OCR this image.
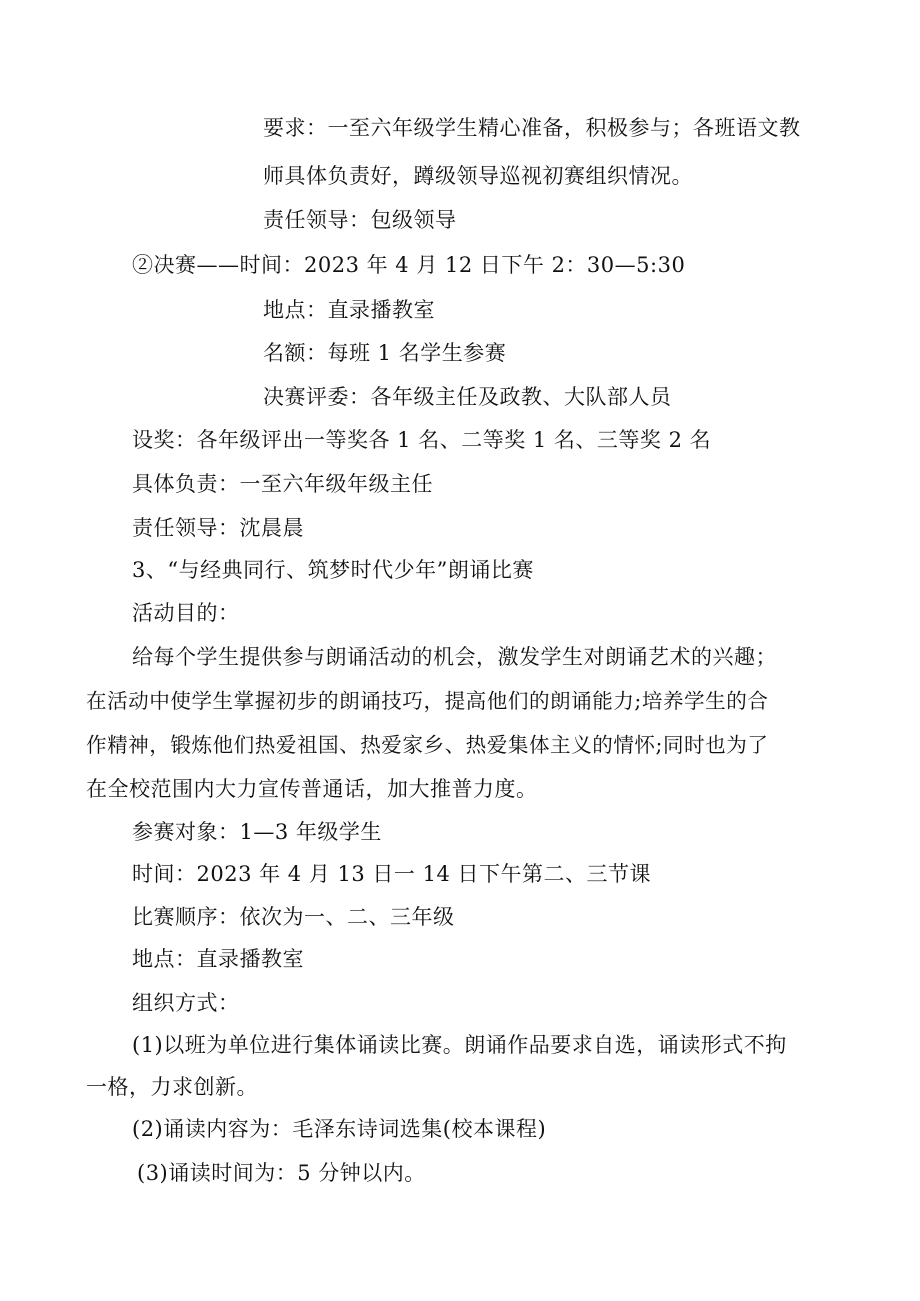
要求：一至六年级学生精心准备，积极参与；各班语文教
师具体负责好，蹲级领导巡视初赛组织情况。
责任领导：包级领导
②决赛——时间：2023 年 4 月 12 日下午 2：30—5:30
地点：直录播教室
名额：每班 1 名学生参赛
决赛评委：各年级主任及政教、大队部人员
设奖：各年级评出一等奖各 1 名、二等奖 1 名、三等奖 2 名
具体负责：一至六年级年级主任
责任领导：沈晨晨
3、“与经典同行、筑梦时代少年”朗诵比赛
活动目的：
给每个学生提供参与朗诵活动的机会，激发学生对朗诵艺术的兴趣；
在活动中使学生掌握初步的朗诵技巧，提高他们的朗诵能力;培养学生的合
作精神，锻炼他们热爱祖国、热爱家乡、热爱集体主义的情怀;同时也为了
在全校范围内大力宣传普通话，加大推普力度。
参赛对象：1—3 年级学生
时间：2023 年 4 月 13 日一 14 日下午第二、三节课
比赛顺序：依次为一、二、三年级
地点：直录播教室
组织方式：
(1)以班为单位进行集体诵读比赛。朗诵作品要求自选，诵读形式不拘
一格，力求创新。
(2)诵读内容为：毛泽东诗词选集(校本课程)
(3)诵读时间为：5 分钟以内。
